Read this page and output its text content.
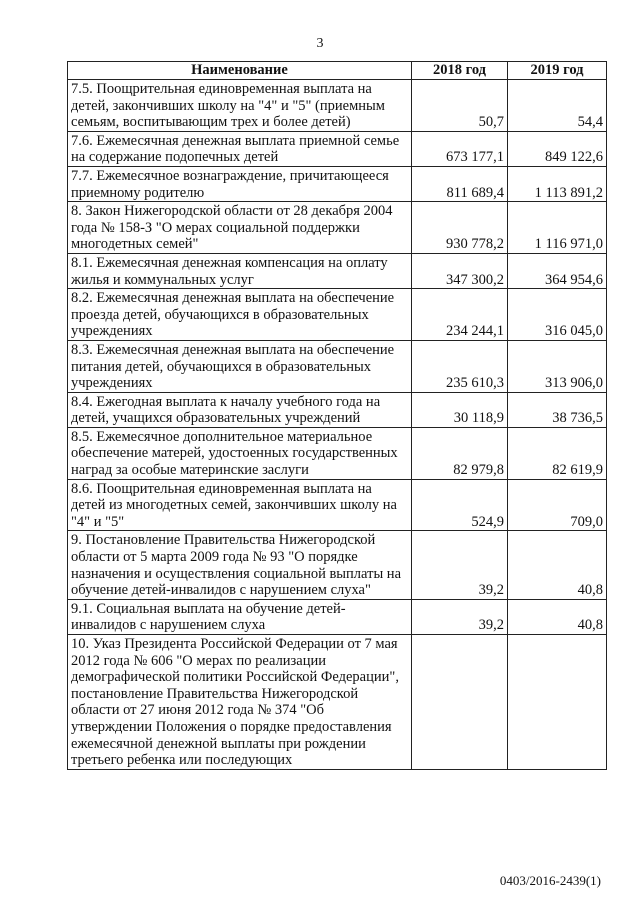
3
Наименование	2018 год	2019 год
7.5. Поощрительная единовременная выплата на детей, закончивших школу на "4" и "5" (приемным семьям, воспитывающим трех и более детей)	50,7	54,4
7.6. Ежемесячная денежная выплата приемной семье на содержание подопечных детей	673 177,1	849 122,6
7.7. Ежемесячное вознаграждение, причитающееся приемному родителю	811 689,4	1 113 891,2
8. Закон Нижегородской области от 28 декабря 2004 года № 158-З "О мерах социальной поддержки многодетных семей"	930 778,2	1 116 971,0
8.1. Ежемесячная денежная компенсация на оплату жилья и коммунальных услуг	347 300,2	364 954,6
8.2. Ежемесячная денежная выплата на обеспечение проезда детей, обучающихся в образовательных учреждениях	234 244,1	316 045,0
8.3. Ежемесячная денежная выплата на обеспечение питания детей, обучающихся в образовательных учреждениях	235 610,3	313 906,0
8.4. Ежегодная выплата к началу учебного года на детей, учащихся образовательных учреждений	30 118,9	38 736,5
8.5. Ежемесячное дополнительное материальное обеспечение матерей, удостоенных государственных наград за особые материнские заслуги	82 979,8	82 619,9
8.6. Поощрительная единовременная выплата на детей из многодетных семей, закончивших школу на "4" и "5"	524,9	709,0
9. Постановление Правительства Нижегородской области от 5 марта 2009 года № 93 "О порядке назначения и осуществления социальной выплаты на обучение детей-инвалидов с нарушением слуха"	39,2	40,8
9.1. Социальная выплата на обучение детей-инвалидов с нарушением слуха	39,2	40,8
10. Указ Президента Российской Федерации от 7 мая 2012 года № 606 "О мерах по реализации демографической политики Российской Федерации", постановление Правительства Нижегородской области от 27 июня 2012 года № 374 "Об утверждении Положения о порядке предоставления ежемесячной денежной выплаты при рождении третьего ребенка или последующих		
0403/2016-2439(1)
